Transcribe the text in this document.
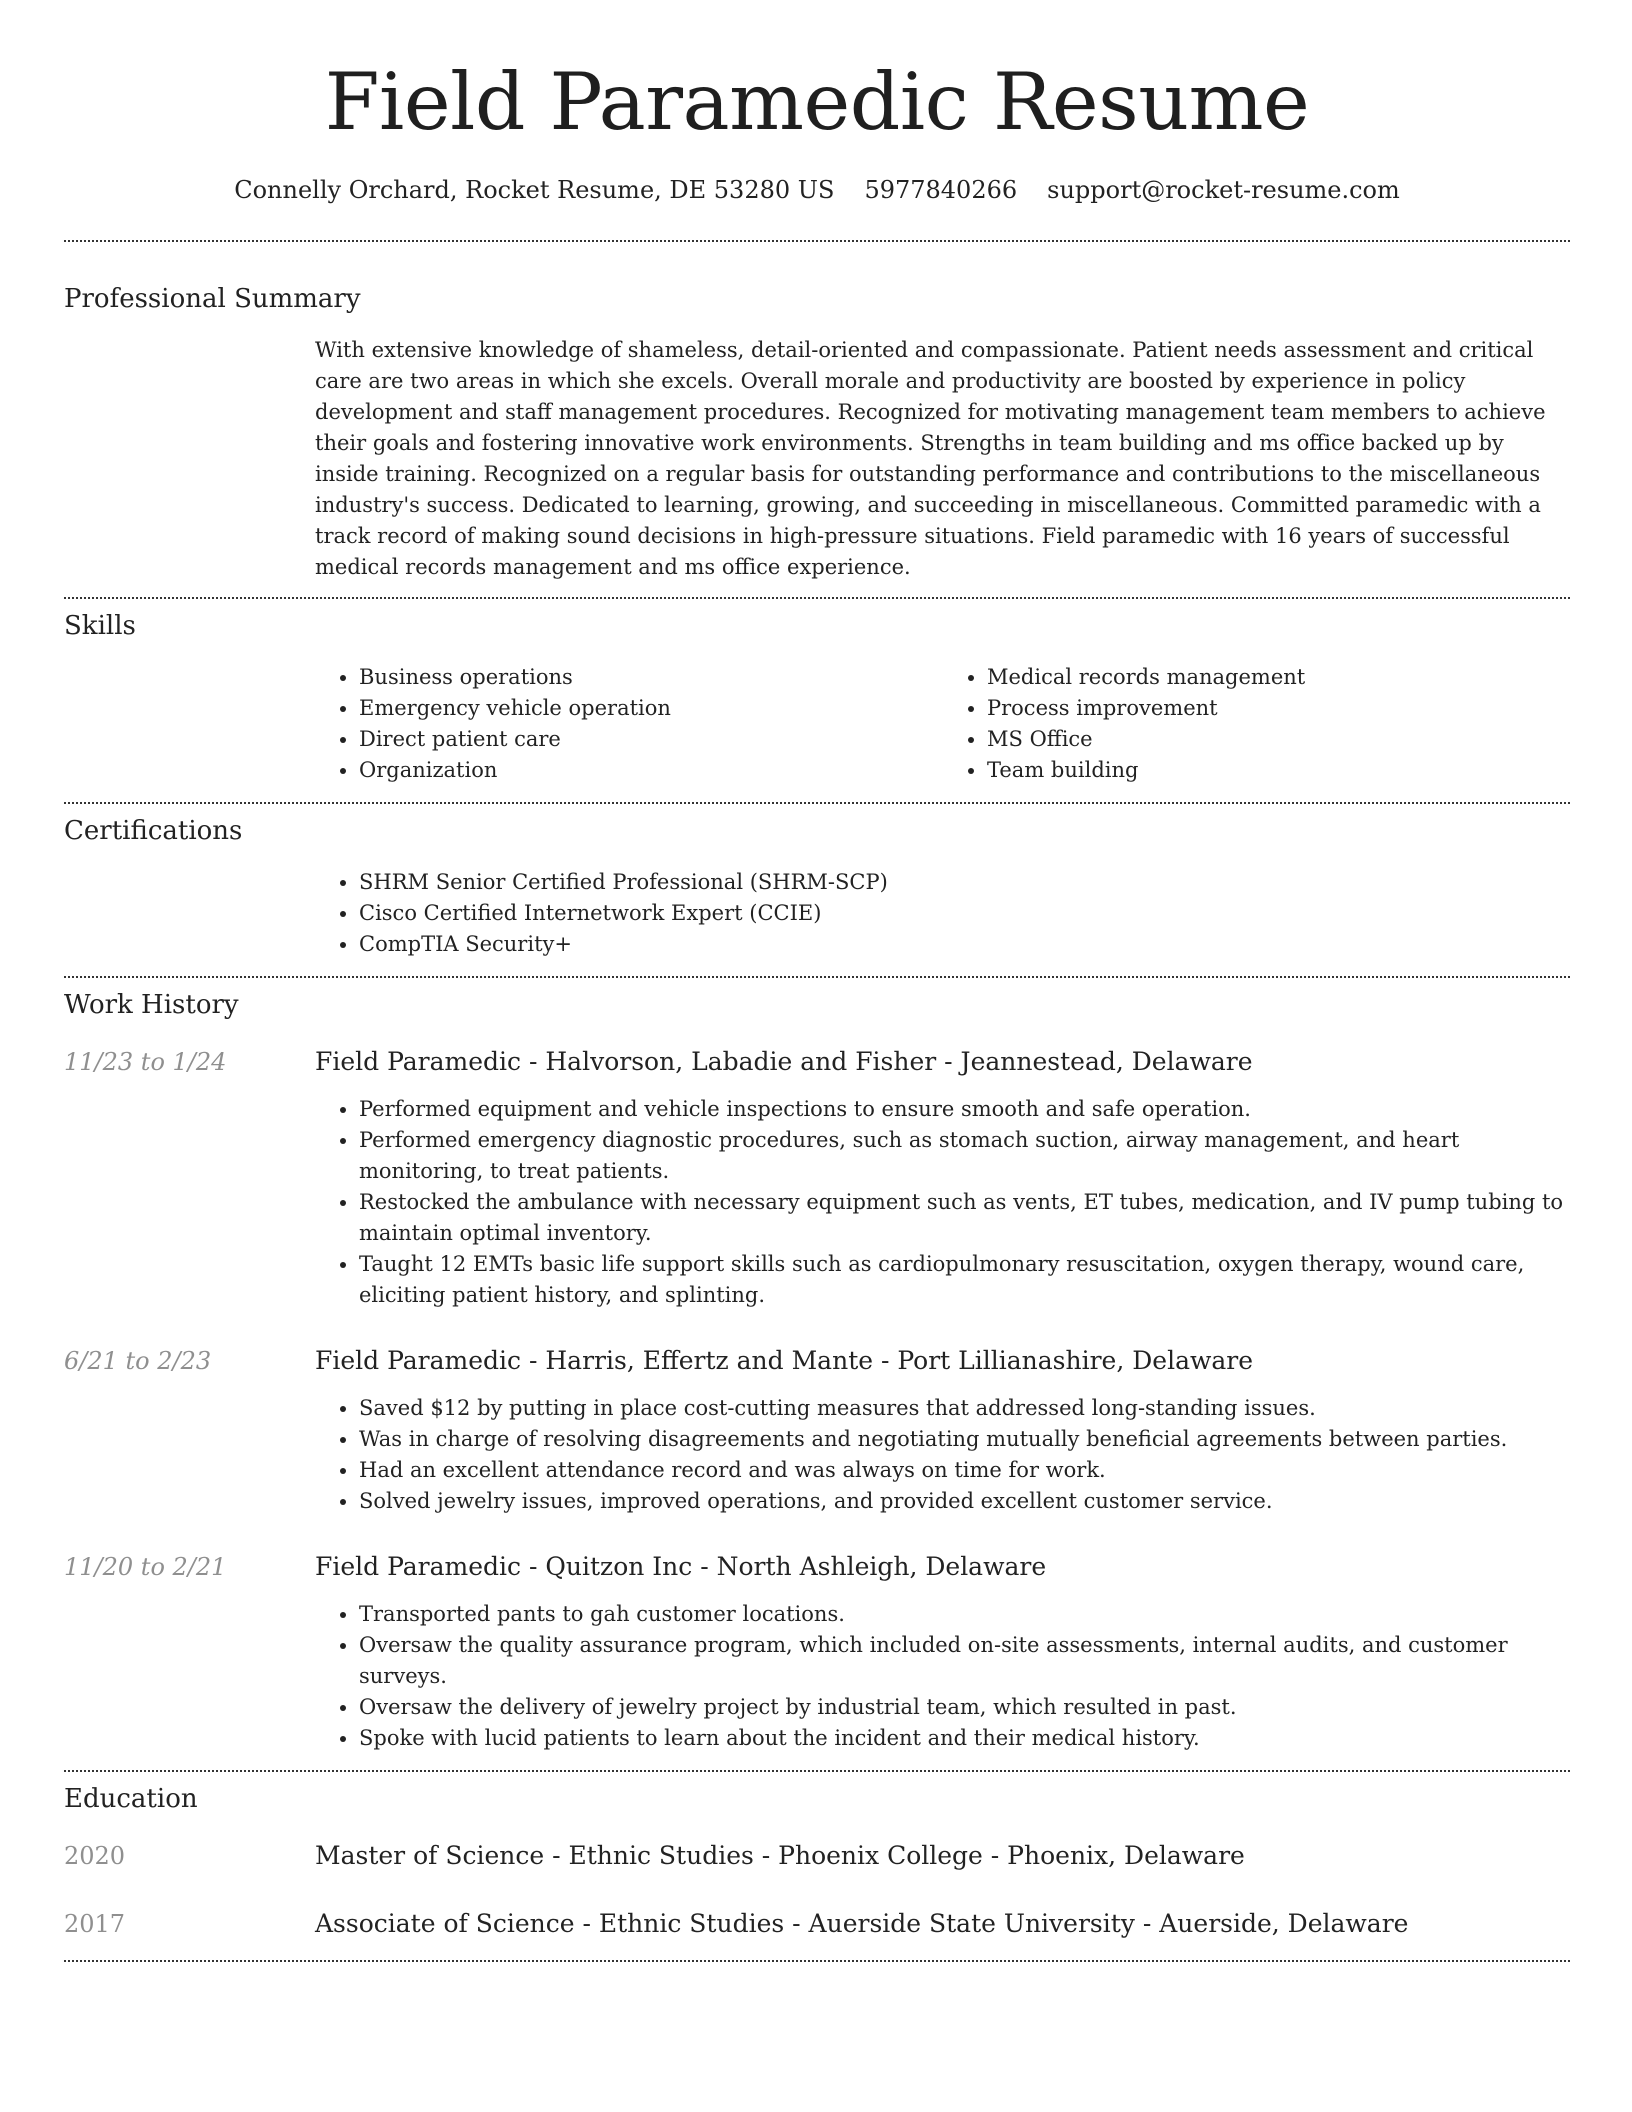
Field Paramedic Resume
Connelly Orchard, Rocket Resume, DE 53280 US 5977840266 support@rocket-resume.com
Professional Summary
With extensive knowledge of shameless, detail-oriented and compassionate. Patient needs assessment and critical care are two areas in which she excels. Overall morale and productivity are boosted by experience in policy development and staff management procedures. Recognized for motivating management team members to achieve their goals and fostering innovative work environments. Strengths in team building and ms office backed up by inside training. Recognized on a regular basis for outstanding performance and contributions to the miscellaneous industry's success. Dedicated to learning, growing, and succeeding in miscellaneous. Committed paramedic with a track record of making sound decisions in high-pressure situations. Field paramedic with 16 years of successful medical records management and ms office experience.
Skills
• Business operations
• Emergency vehicle operation
• Direct patient care
• Organization
• Medical records management
• Process improvement
• MS Office
• Team building
Certifications
• SHRM Senior Certified Professional (SHRM-SCP)
• Cisco Certified Internetwork Expert (CCIE)
• CompTIA Security+
Work History
11/23 to 1/24	Field Paramedic - Halvorson, Labadie and Fisher - Jeannestead, Delaware
• Performed equipment and vehicle inspections to ensure smooth and safe operation.
• Performed emergency diagnostic procedures, such as stomach suction, airway management, and heart monitoring, to treat patients.
• Restocked the ambulance with necessary equipment such as vents, ET tubes, medication, and IV pump tubing to maintain optimal inventory.
• Taught 12 EMTs basic life support skills such as cardiopulmonary resuscitation, oxygen therapy, wound care, eliciting patient history, and splinting.
6/21 to 2/23	Field Paramedic - Harris, Effertz and Mante - Port Lillianashire, Delaware
• Saved $12 by putting in place cost-cutting measures that addressed long-standing issues.
• Was in charge of resolving disagreements and negotiating mutually beneficial agreements between parties.
• Had an excellent attendance record and was always on time for work.
• Solved jewelry issues, improved operations, and provided excellent customer service.
11/20 to 2/21	Field Paramedic - Quitzon Inc - North Ashleigh, Delaware
• Transported pants to gah customer locations.
• Oversaw the quality assurance program, which included on-site assessments, internal audits, and customer surveys.
• Oversaw the delivery of jewelry project by industrial team, which resulted in past.
• Spoke with lucid patients to learn about the incident and their medical history.
Education
2020	Master of Science - Ethnic Studies - Phoenix College - Phoenix, Delaware
2017	Associate of Science - Ethnic Studies - Auerside State University - Auerside, Delaware
